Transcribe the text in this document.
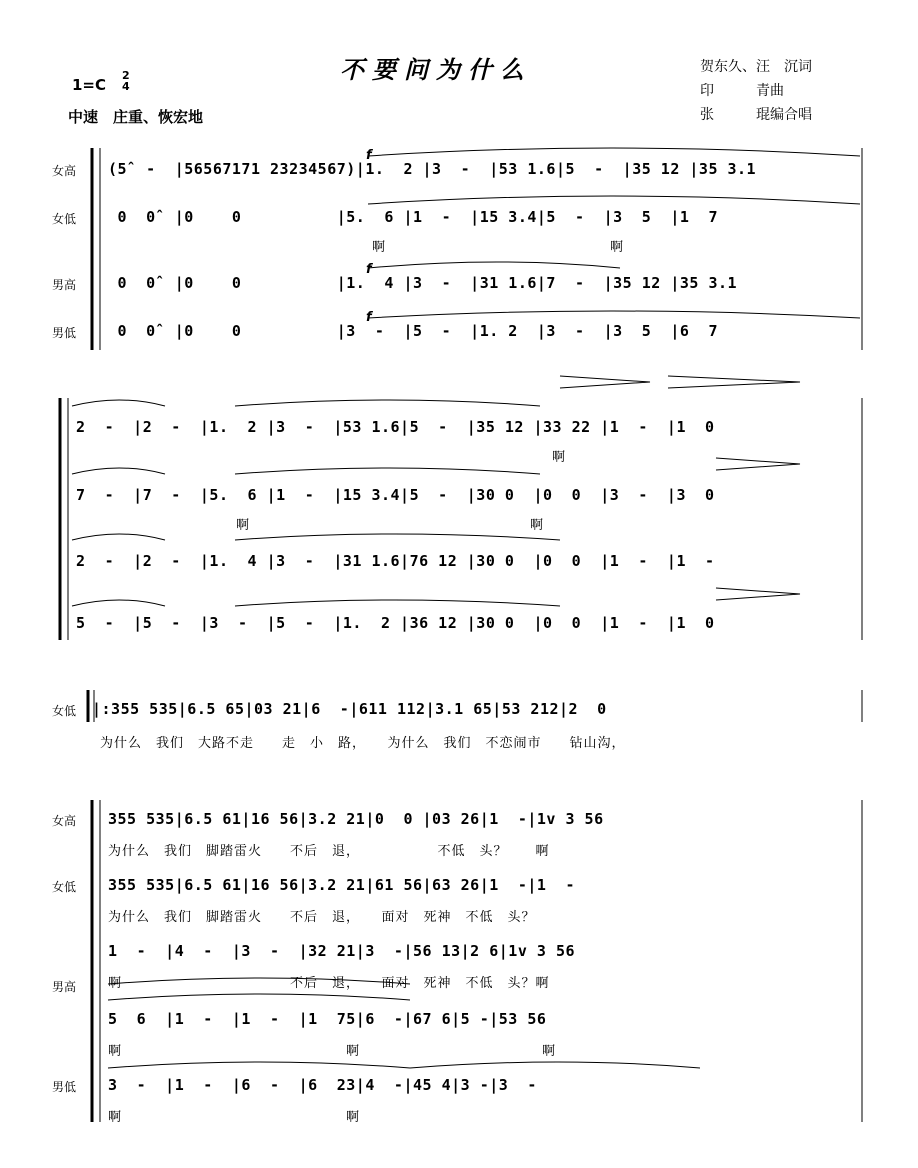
不要问为什么	贺东久、汪　沉词
印　　　青曲
张　　　琨编合唱
1=C
2
4
中速　庄重、恢宏地
女高
女低
男高
男低
(5̂  -  |56567171 23234567)|1.  2 |3  -  |53 1.6|5  -  |35 12 |35 3.1
0  0̂  |0    0          |5.  6 |1  -  |15 3.4|5  -  |3  5  |1  7
啊　　　　　　　　　　　　　　　　啊
0  0̂  |0    0          |1.  4 |3  -  |31 1.6|7  -  |35 12 |35 3.1
0  0̂  |0    0          |3  -  |5  -  |1. 2  |3  -  |3  5  |6  7
f
f
f
2  -  |2  -  |1.  2 |3  -  |53 1.6|5  -  |35 12 |33 22 |1  -  |1  0
啊
7  -  |7  -  |5.  6 |1  -  |15 3.4|5  -  |30 0  |0  0  |3  -  |3  0
啊　　　　　　　　　　　　　　　　　　　　啊
2  -  |2  -  |1.  4 |3  -  |31 1.6|76 12 |30 0  |0  0  |1  -  |1  -
5  -  |5  -  |3  -  |5  -  |1.  2 |36 12 |30 0  |0  0  |1  -  |1  0
女低 |:355 535|6.5 65|03 21|6  -|611 112|3.1 65|53 212|2  0
为什么　我们　大路不走　　走　小　路，　　为什么　我们　不恋闹市　　钻山沟，
女高 355 535|6.5 61|16 56|3.2 21|0  0 |03 26|1  -|1v 3 56
为什么　我们　脚踏雷火　　不后　退，　　　　　　不低　头？　　啊
女低 355 535|6.5 61|16 56|3.2 21|61 56|63 26|1  -|1  -
为什么　我们　脚踏雷火　　不后　退，　　面对　死神　不低　头？
男高
1  -  |4  -  |3  -  |32 21|3  -|56 13|2 6|1v 3 56
啊　　　　　　　　　　　　不后　退，　　面对　死神　不低　头？啊
5  6  |1  -  |1  -  |1  75|6  -|67 6|5 -|53 56
啊　　　　　　　　　　　　　　　　啊　　　　　　　　　　　　　啊
男低 3  -  |1  -  |6  -  |6  23|4  -|45 4|3 -|3  -
啊　　　　　　　　　　　　　　　　啊
